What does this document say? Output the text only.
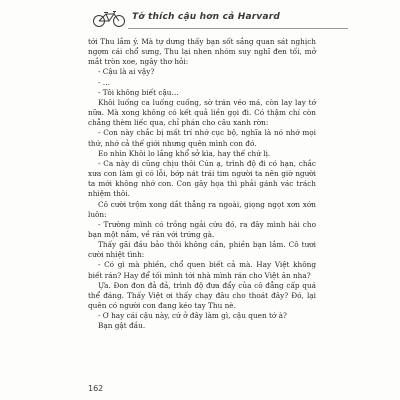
Tớ thích cậu hơn cả Harvard

tới Thu lắm ý. Mà tự dưng thấy bạn sốt sắng quan sát nghịch ngợm cái chổ sưng, Thu lại nhen nhóm suy nghĩ đen tối, mở mắt tròn xoe, ngây thơ hỏi:

- Cậu là ai vậy?

- …

- Tôi không biết cậu…

Khôi luống ca luống cuống, sờ trán véo má, còn lay lay tớ nữa. Mà xong không có kết quả liền gọi đi. Có thậm chí còn chẳng thèm liếc qua, chỉ phán cho câu xanh rờn:

- Con này chắc bị mất trí nhớ cục bộ, nghĩa là nó nhớ mọi thứ, nhớ cả thế giới nhưng quên mình con đó.

Eo nhìn Khôi lo lắng khổ sở kìa, hay thế chứ lị.

- Ca này di cũng chịu thôi Cún ạ, trình độ đi có hạn, chắc xưa con làm gì có lỗi, bớp nát trái tim người ta nên giờ người ta mới không nhớ con. Con gây họa thì phải gánh vác trách nhiệm thôi.

Cô cười trộm xong dắt thẳng ra ngoài, giọng ngọt xơn xớn luôn:

- Trường mình có trồng ngải cứu đó, ra đây mình hái cho bạn một nắm, về rán với trứng gà.

Thấy gãi đầu bảo thôi không cần, phiền bạn lắm. Cô tươi cười nhiệt tình:

- Có gì mà phiền, chổ quen biết cả mà. Hay Việt không biết rán? Hay để tối mình tới nhà mình rán cho Việt ăn nha?

Ựa. Đon đon đả đả, trình độ đưa đẩy của cô đẳng cấp quá thể đáng. Thấy Việt ơi thấy chạy đâu cho thoát đây? Đó, lại quên có người con đang kéo tay Thu nè.

- Ơ hay cái cậu này, cứ ở đây làm gì, cậu quen tớ à?

Bạn gật đầu.

162
